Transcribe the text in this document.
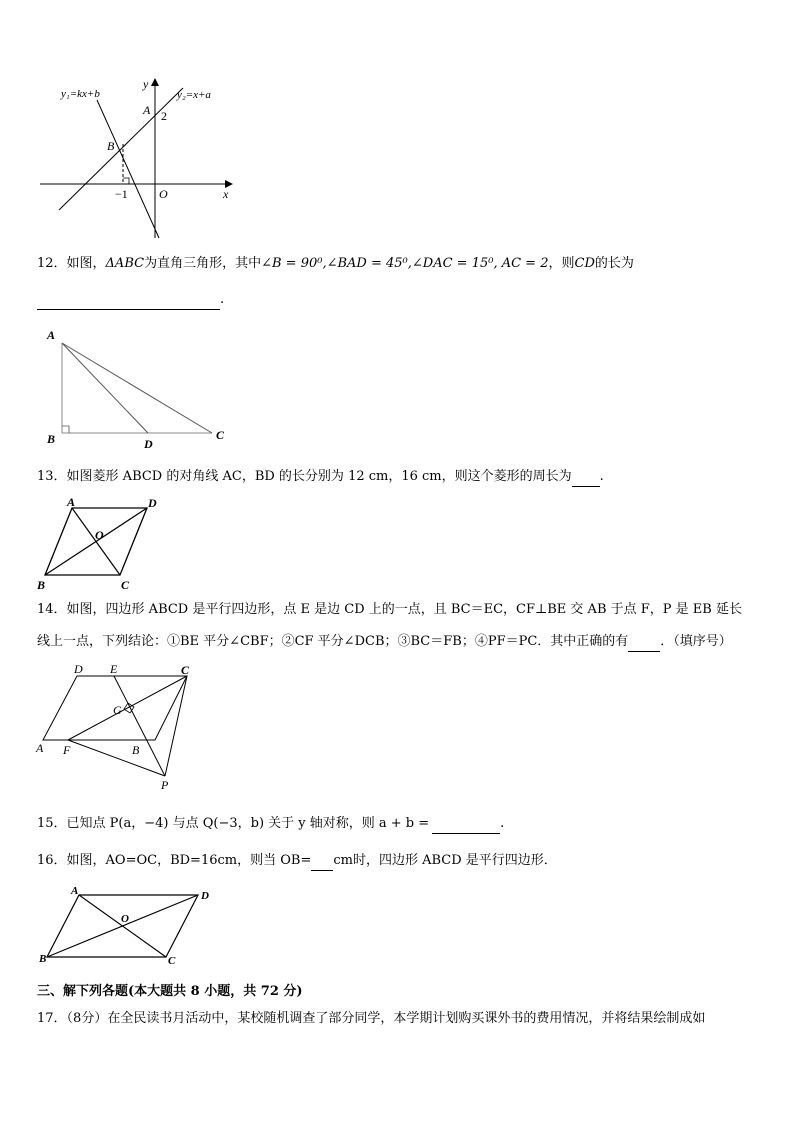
y₁=kx+b	y₂=x+a
y
x
A
B
O
2
−1
12．如图，ΔABC为直角三角形，其中∠B = 90⁰,∠BAD = 45⁰,∠DAC = 15⁰, AC = 2，则CD的长为
.
A
B	D
C
13．如图菱形 ABCD 的对角线 AC，BD 的长分别为 12 cm，16 cm，则这个菱形的周长为 .
A	D
O
B	C
14．如图，四边形 ABCD 是平行四边形，点 E 是边 CD 上的一点，且 BC＝EC，CF⊥BE 交 AB 于点 F，P 是 EB 延长
线上一点，下列结论：①BE 平分∠CBF；②CF 平分∠DCB；③BC＝FB；④PF＝PC．其中正确的有 ．（填序号）
D E	C
G
A F	B
P
15．已知点 P(a，−4) 与点 Q(−3，b) 关于 y 轴对称，则 a + b =	.
16．如图，AO=OC，BD=16cm，则当 OB= cm时，四边形 ABCD 是平行四边形．
A	D
O
B	C
三、解下列各题(本大题共 8 小题，共 72 分)
17．（8分）在全民读书月活动中，某校随机调查了部分同学，本学期计划购买课外书的费用情况，并将结果绘制成如
